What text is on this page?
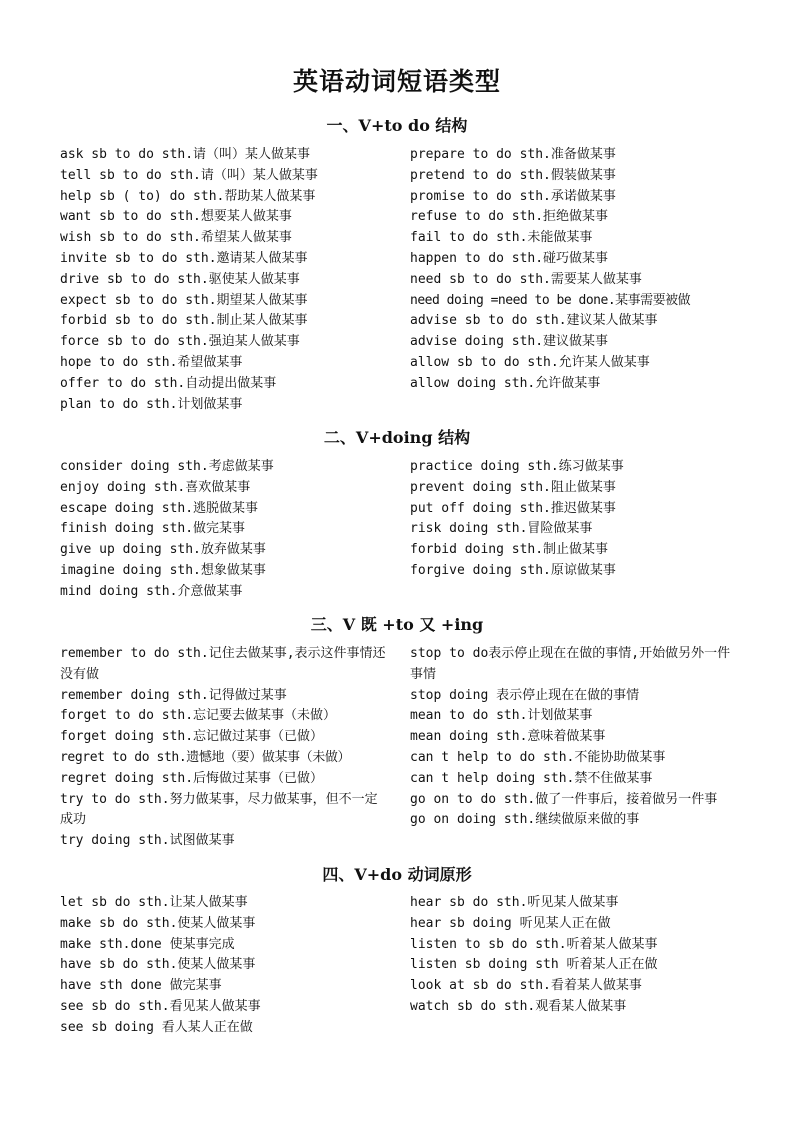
英语动词短语类型
一、V+to do 结构
ask sb to do sth.请（叫）某人做某事
tell sb to do sth.请（叫）某人做某事
help sb ( to) do sth.帮助某人做某事
want sb to do sth.想要某人做某事
wish sb to do sth.希望某人做某事
invite sb to do sth.邀请某人做某事
drive sb to do sth.驱使某人做某事
expect sb to do sth.期望某人做某事
forbid sb to do sth.制止某人做某事
force sb to do sth.强迫某人做某事
hope to do sth.希望做某事
offer to do sth.自动提出做某事
plan to do sth.计划做某事
prepare to do sth.准备做某事
pretend to do sth.假装做某事
promise to do sth.承诺做某事
refuse to do sth.拒绝做某事
fail to do sth.未能做某事
happen to do sth.碰巧做某事
need sb to do sth.需要某人做某事
need doing =need to be done.某事需要被做
advise sb to do sth.建议某人做某事
advise doing sth.建议做某事
allow sb to do sth.允许某人做某事
allow doing sth.允许做某事
二、V+doing 结构
consider doing sth.考虑做某事
enjoy doing sth.喜欢做某事
escape doing sth.逃脱做某事
finish doing sth.做完某事
give up doing sth.放弃做某事
imagine doing sth.想象做某事
mind doing sth.介意做某事
practice doing sth.练习做某事
prevent doing sth.阻止做某事
put off doing sth.推迟做某事
risk doing sth.冒险做某事
forbid doing sth.制止做某事
forgive doing sth.原谅做某事
三、V 既 +to 又 +ing
remember to do sth.记住去做某事,表示这件事情还没有做
remember doing sth.记得做过某事
forget to do sth.忘记要去做某事（未做）
forget doing sth.忘记做过某事（已做）
regret to do sth.遗憾地（要）做某事（未做）
regret doing sth.后悔做过某事（已做）
try to do sth.努力做某事，尽力做某事，但不一定成功
try doing sth.试图做某事
stop to do表示停止现在在做的事情,开始做另外一件事情
stop doing 表示停止现在在做的事情
mean to do sth.计划做某事
mean doing sth.意味着做某事
can t help to do sth.不能协助做某事
can t help doing sth.禁不住做某事
go on to do sth.做了一件事后，接着做另一件事
go on doing sth.继续做原来做的事
四、V+do 动词原形
let sb do sth.让某人做某事
make sb do sth.使某人做某事
make sth.done 使某事完成
have sb do sth.使某人做某事
have sth done 做完某事
see sb do sth.看见某人做某事
see sb doing 看人某人正在做
hear sb do sth.听见某人做某事
hear sb doing 听见某人正在做
listen to sb do sth.听着某人做某事
listen sb doing sth 听着某人正在做
look at sb do sth.看着某人做某事
watch sb do sth.观看某人做某事
